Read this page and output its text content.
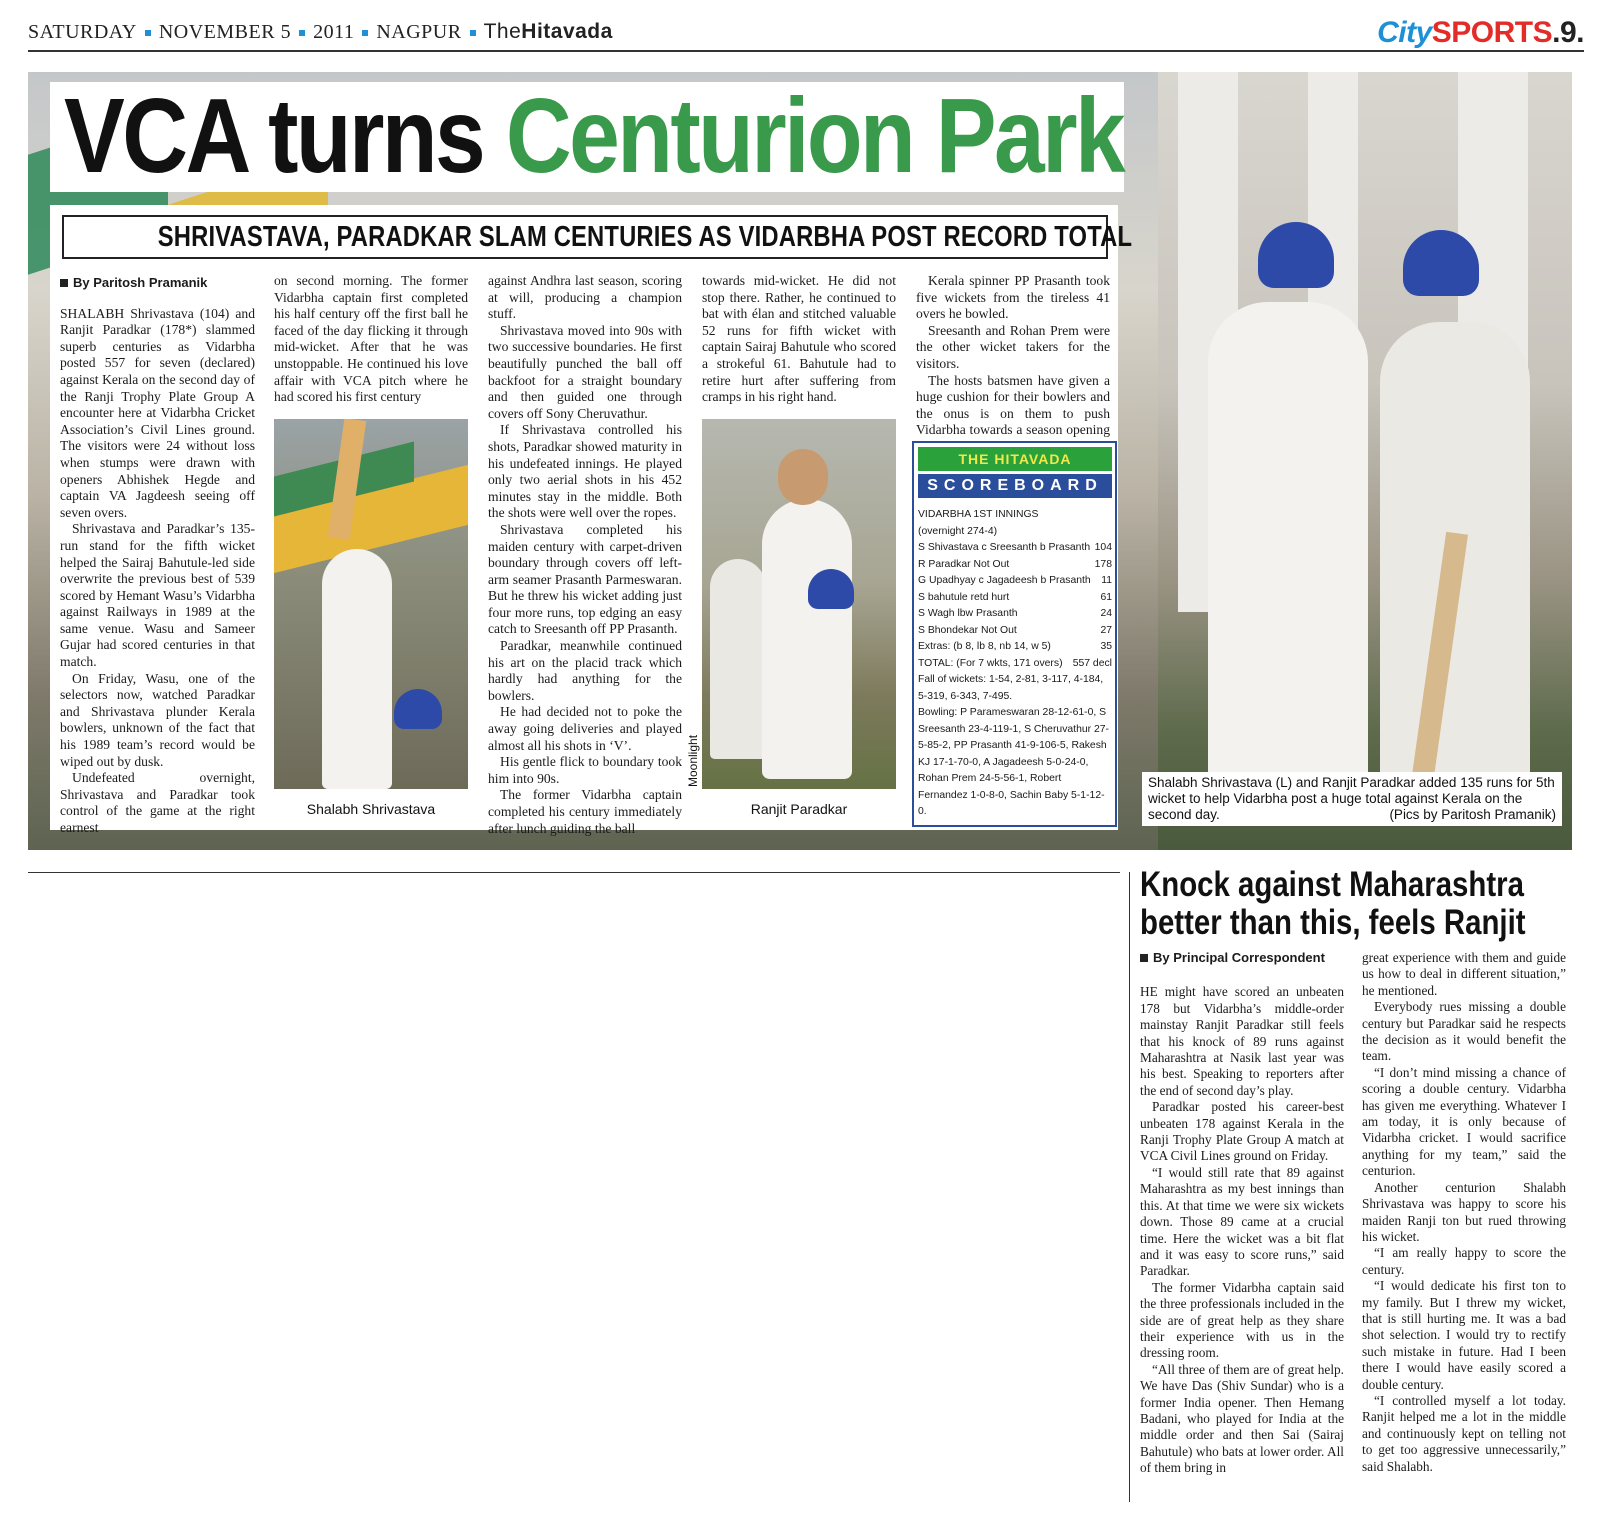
SATURDAY NOVEMBER 5 2011 NAGPUR TheHitavada	CitySPORTS.9.
VCA turns Centurion Park
SHRIVASTAVA, PARADKAR SLAM CENTURIES AS VIDARBHA POST RECORD TOTAL

By Paritosh Pramanik

SHALABH Shrivastava (104) and Ranjit Paradkar (178*) slammed superb centuries as Vidarbha posted 557 for seven (declared) against Kerala on the second day of the Ranji Trophy Plate Group A encounter here at Vidarbha Cricket Association’s Civil Lines ground. The visitors were 24 without loss when stumps were drawn with openers Abhishek Hegde and captain VA Jagdeesh seeing off seven overs.

Shrivastava and Paradkar’s 135-run stand for the fifth wicket helped the Sairaj Bahutule-led side overwrite the previous best of 539 scored by Hemant Wasu’s Vidarbha against Railways in 1989 at the same venue. Wasu and Sameer Gujar had scored centuries in that match.

On Friday, Wasu, one of the selectors now, watched Paradkar and Shrivastava plunder Kerala bowlers, unknown of the fact that his 1989 team’s record would be wiped out by dusk.

Undefeated overnight, Shrivastava and Paradkar took control of the game at the right earnest

on second morning. The former Vidarbha captain first completed his half century off the first ball he faced of the day flicking it through mid-wicket. After that he was unstoppable. He continued his love affair with VCA pitch where he had scored his first century

Shalabh Shrivastava

against Andhra last season, scoring at will, producing a champion stuff.

Shrivastava moved into 90s with two successive boundaries. He first beautifully punched the ball off backfoot for a straight boundary and then guided one through covers off Sony Cheruvathur.

If Shrivastava controlled his shots, Paradkar showed maturity in his undefeated innings. He played only two aerial shots in his 452 minutes stay in the middle. Both the shots were well over the ropes.

Shrivastava completed his maiden century with carpet-driven boundary through covers off left-arm seamer Prasanth Parmeswaran. But he threw his wicket adding just four more runs, top edging an easy catch to Sreesanth off PP Prasanth.

Paradkar, meanwhile continued his art on the placid track which hardly had anything for the bowlers.

He had decided not to poke the away going deliveries and played almost all his shots in ‘V’.

His gentle flick to boundary took him into 90s.

The former Vidarbha captain completed his century immediately after lunch guiding the ball

Moonlight

towards mid-wicket. He did not stop there. Rather, he continued to bat with élan and stitched valuable 52 runs for fifth wicket with captain Sairaj Bahutule who scored a strokeful 61. Bahutule had to retire hurt after suffering from cramps in his right hand.

Ranjit Paradkar

Kerala spinner PP Prasanth took five wickets from the tireless 41 overs he bowled.

Sreesanth and Rohan Prem were the other wicket takers for the visitors.

The hosts batsmen have given a huge cushion for their bowlers and the onus is on them to push Vidarbha towards a season opening

THE HITAVADA
SCOREBOARD
VIDARBHA 1ST INNINGS
(overnight 274-4)
S Shivastava c Sreesanth b Prasanth 104
R Paradkar Not Out	178
G Upadhyay c Jagadeesh b Prasanth 11
S bahutule retd hurt	61
S Wagh lbw Prasanth	24
S Bhondekar Not Out	27
Extras: (b 8, lb 8, nb 14, w 5)	35
TOTAL: (For 7 wkts, 171 overs) 557 decl
Fall of wickets: 1-54, 2-81, 3-117, 4-184, 5-319, 6-343, 7-495.
Bowling: P Parameswaran 28-12-61-0, S Sreesanth 23-4-119-1, S Cheruvathur 27-5-85-2, PP Prasanth 41-9-106-5, Rakesh KJ 17-1-70-0, A Jagadeesh 5-0-24-0, Rohan Prem 24-5-56-1, Robert Fernandez 1-0-8-0, Sachin Baby 5-1-12-0.
Shalabh Shrivastava (L) and Ranjit Paradkar added 135 runs for 5th wicket to help Vidarbha post a huge total against Kerala on the second day.	(Pics by Paritosh Pramanik)
Knock against Maharashtra
better than this, feels Ranjit

By Principal Correspondent

HE might have scored an unbeaten 178 but Vidarbha’s middle-order mainstay Ranjit Paradkar still feels that his knock of 89 runs against Maharashtra at Nasik last year was his best. Speaking to reporters after the end of second day’s play.

Paradkar posted his career-best unbeaten 178 against Kerala in the Ranji Trophy Plate Group A match at VCA Civil Lines ground on Friday.

“I would still rate that 89 against Maharashtra as my best innings than this. At that time we were six wickets down. Those 89 came at a crucial time. Here the wicket was a bit flat and it was easy to score runs,” said Paradkar.

The former Vidarbha captain said the three professionals included in the side are of great help as they share their experience with us in the dressing room.

“All three of them are of great help. We have Das (Shiv Sundar) who is a former India opener. Then Hemang Badani, who played for India at the middle order and then Sai (Sairaj Bahutule) who bats at lower order. All of them bring in

great experience with them and guide us how to deal in different situation,” he mentioned.

Everybody rues missing a double century but Paradkar said he respects the decision as it would benefit the team.

“I don’t mind missing a chance of scoring a double century. Vidarbha has given me everything. Whatever I am today, it is only because of Vidarbha cricket. I would sacrifice anything for my team,” said the centurion.

Another centurion Shalabh Shrivastava was happy to score his maiden Ranji ton but rued throwing his wicket.

“I am really happy to score the century.

“I would dedicate his first ton to my family. But I threw my wicket, that is still hurting me. It was a bad shot selection. I would try to rectify such mistake in future. Had I been there I would have easily scored a double century.

“I controlled myself a lot today. Ranjit helped me a lot in the middle and continuously kept on telling not to get too aggressive unnecessarily,” said Shalabh.
